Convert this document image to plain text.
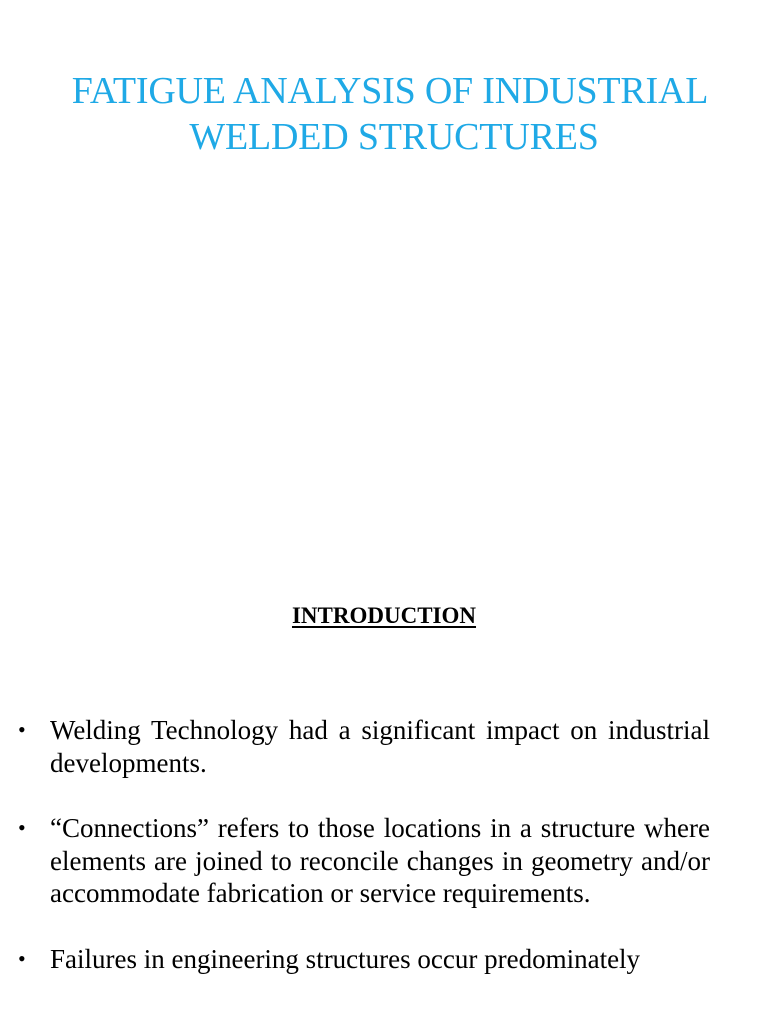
FATIGUE ANALYSIS OF INDUSTRIAL
WELDED STRUCTURES
INTRODUCTION
• Welding Technology had a significant impact on industrial developments.
• “Connections” refers to those locations in a structure where elements are joined to reconcile changes in geometry and/or accommodate fabrication or service requirements.
• Failures in engineering structures occur predominately
